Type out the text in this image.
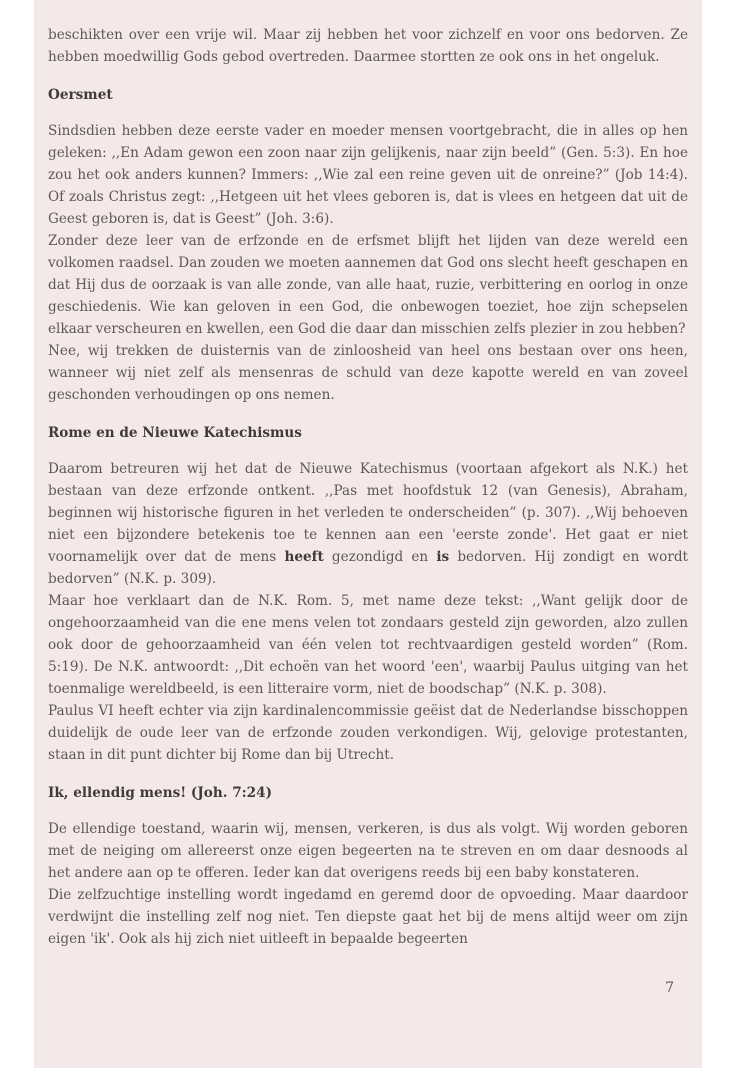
beschikten over een vrije wil. Maar zij hebben het voor zichzelf en voor ons bedorven. Ze hebben moedwillig Gods gebod overtreden. Daarmee stortten ze ook ons in het ongeluk.

Oersmet

Sindsdien hebben deze eerste vader en moeder mensen voortgebracht, die in alles op hen geleken: ,,En Adam gewon een zoon naar zijn gelijkenis, naar zijn beeld” (Gen. 5:3). En hoe zou het ook anders kunnen? Immers: ,,Wie zal een reine geven uit de onreine?” (Job 14:4). Of zoals Christus zegt: ,,Hetgeen uit het vlees geboren is, dat is vlees en hetgeen dat uit de Geest geboren is, dat is Geest” (Joh. 3:6).

Zonder deze leer van de erfzonde en de erfsmet blijft het lijden van deze wereld een volkomen raadsel. Dan zouden we moeten aannemen dat God ons slecht heeft geschapen en dat Hij dus de oorzaak is van alle zonde, van alle haat, ruzie, verbittering en oorlog in onze geschiedenis. Wie kan geloven in een God, die onbewogen toeziet, hoe zijn schepselen elkaar verscheuren en kwellen, een God die daar dan misschien zelfs plezier in zou hebben?

Nee, wij trekken de duisternis van de zinloosheid van heel ons bestaan over ons heen, wanneer wij niet zelf als mensenras de schuld van deze kapotte wereld en van zoveel geschonden verhoudingen op ons nemen.

Rome en de Nieuwe Katechismus

Daarom betreuren wij het dat de Nieuwe Katechismus (voortaan afgekort als N.K.) het bestaan van deze erfzonde ontkent. ,,Pas met hoofdstuk 12 (van Genesis), Abraham, beginnen wij historische figuren in het verleden te onderscheiden” (p. 307). ,,Wij behoeven niet een bijzondere betekenis toe te kennen aan een 'eerste zonde'. Het gaat er niet voornamelijk over dat de mens heeft gezondigd en is bedorven. Hij zondigt en wordt bedorven” (N.K. p. 309).

Maar hoe verklaart dan de N.K. Rom. 5, met name deze tekst: ,,Want gelijk door de ongehoorzaamheid van die ene mens velen tot zondaars gesteld zijn geworden, alzo zullen ook door de gehoorzaamheid van één velen tot rechtvaardigen gesteld worden” (Rom. 5:19). De N.K. antwoordt: ,,Dit echoën van het woord 'een', waarbij Paulus uitging van het toenmalige wereldbeeld, is een litteraire vorm, niet de boodschap” (N.K. p. 308).

Paulus VI heeft echter via zijn kardinalencommissie geëist dat de Nederlandse bisschoppen duidelijk de oude leer van de erfzonde zouden verkondigen. Wij, gelovige protestanten, staan in dit punt dichter bij Rome dan bij Utrecht.

Ik, ellendig mens! (Joh. 7:24)

De ellendige toestand, waarin wij, mensen, verkeren, is dus als volgt. Wij worden geboren met de neiging om allereerst onze eigen begeerten na te streven en om daar desnoods al het andere aan op te offeren. Ieder kan dat overigens reeds bij een baby konstateren.

Die zelfzuchtige instelling wordt ingedamd en geremd door de opvoeding. Maar daardoor verdwijnt die instelling zelf nog niet. Ten diepste gaat het bij de mens altijd weer om zijn eigen 'ik'. Ook als hij zich niet uitleeft in bepaalde begeerten

7
